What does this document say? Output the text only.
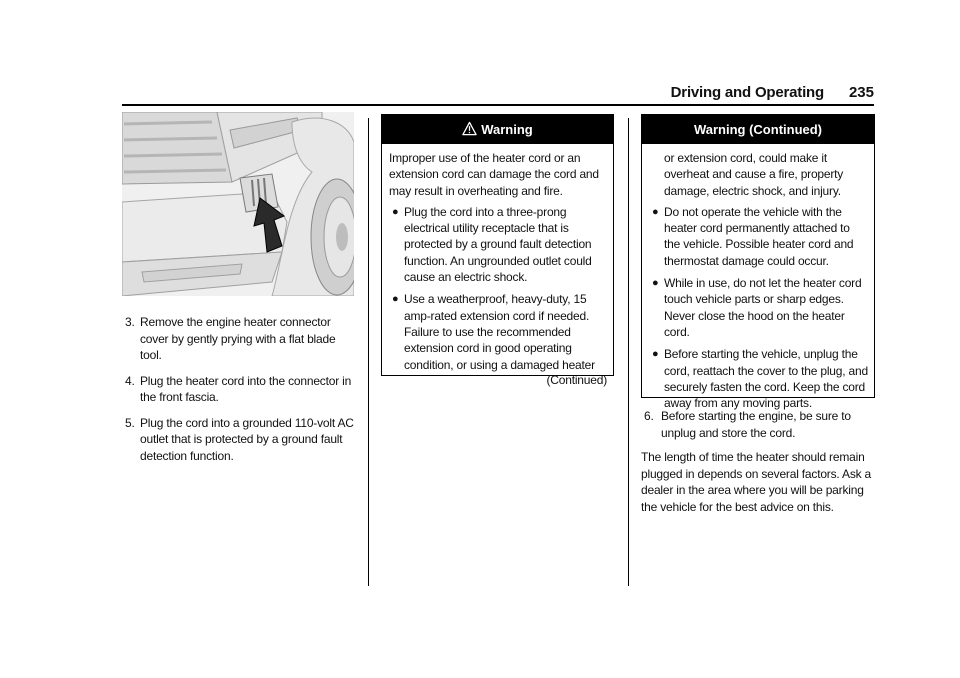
Driving and Operating 235
3. Remove the engine heater connector cover by gently prying with a flat blade tool.
4. Plug the heater cord into the connector in the front fascia.
5. Plug the cord into a grounded 110-volt AC outlet that is protected by a ground fault detection function.
Warning

Improper use of the heater cord or an extension cord can damage the cord and may result in overheating and fire.

● Plug the cord into a three-prong electrical utility receptacle that is protected by a ground fault detection function. An ungrounded outlet could cause an electric shock.
● Use a weatherproof, heavy-duty, 15 amp-rated extension cord if needed. Failure to use the recommended extension cord in good operating condition, or using a damaged heater
(Continued)
Warning (Continued)

or extension cord, could make it overheat and cause a fire, property damage, electric shock, and injury.

● Do not operate the vehicle with the heater cord permanently attached to the vehicle. Possible heater cord and thermostat damage could occur.
● While in use, do not let the heater cord touch vehicle parts or sharp edges. Never close the hood on the heater cord.
● Before starting the vehicle, unplug the cord, reattach the cover to the plug, and securely fasten the cord. Keep the cord away from any moving parts.
6. Before starting the engine, be sure to unplug and store the cord.

The length of time the heater should remain plugged in depends on several factors. Ask a dealer in the area where you will be parking the vehicle for the best advice on this.
